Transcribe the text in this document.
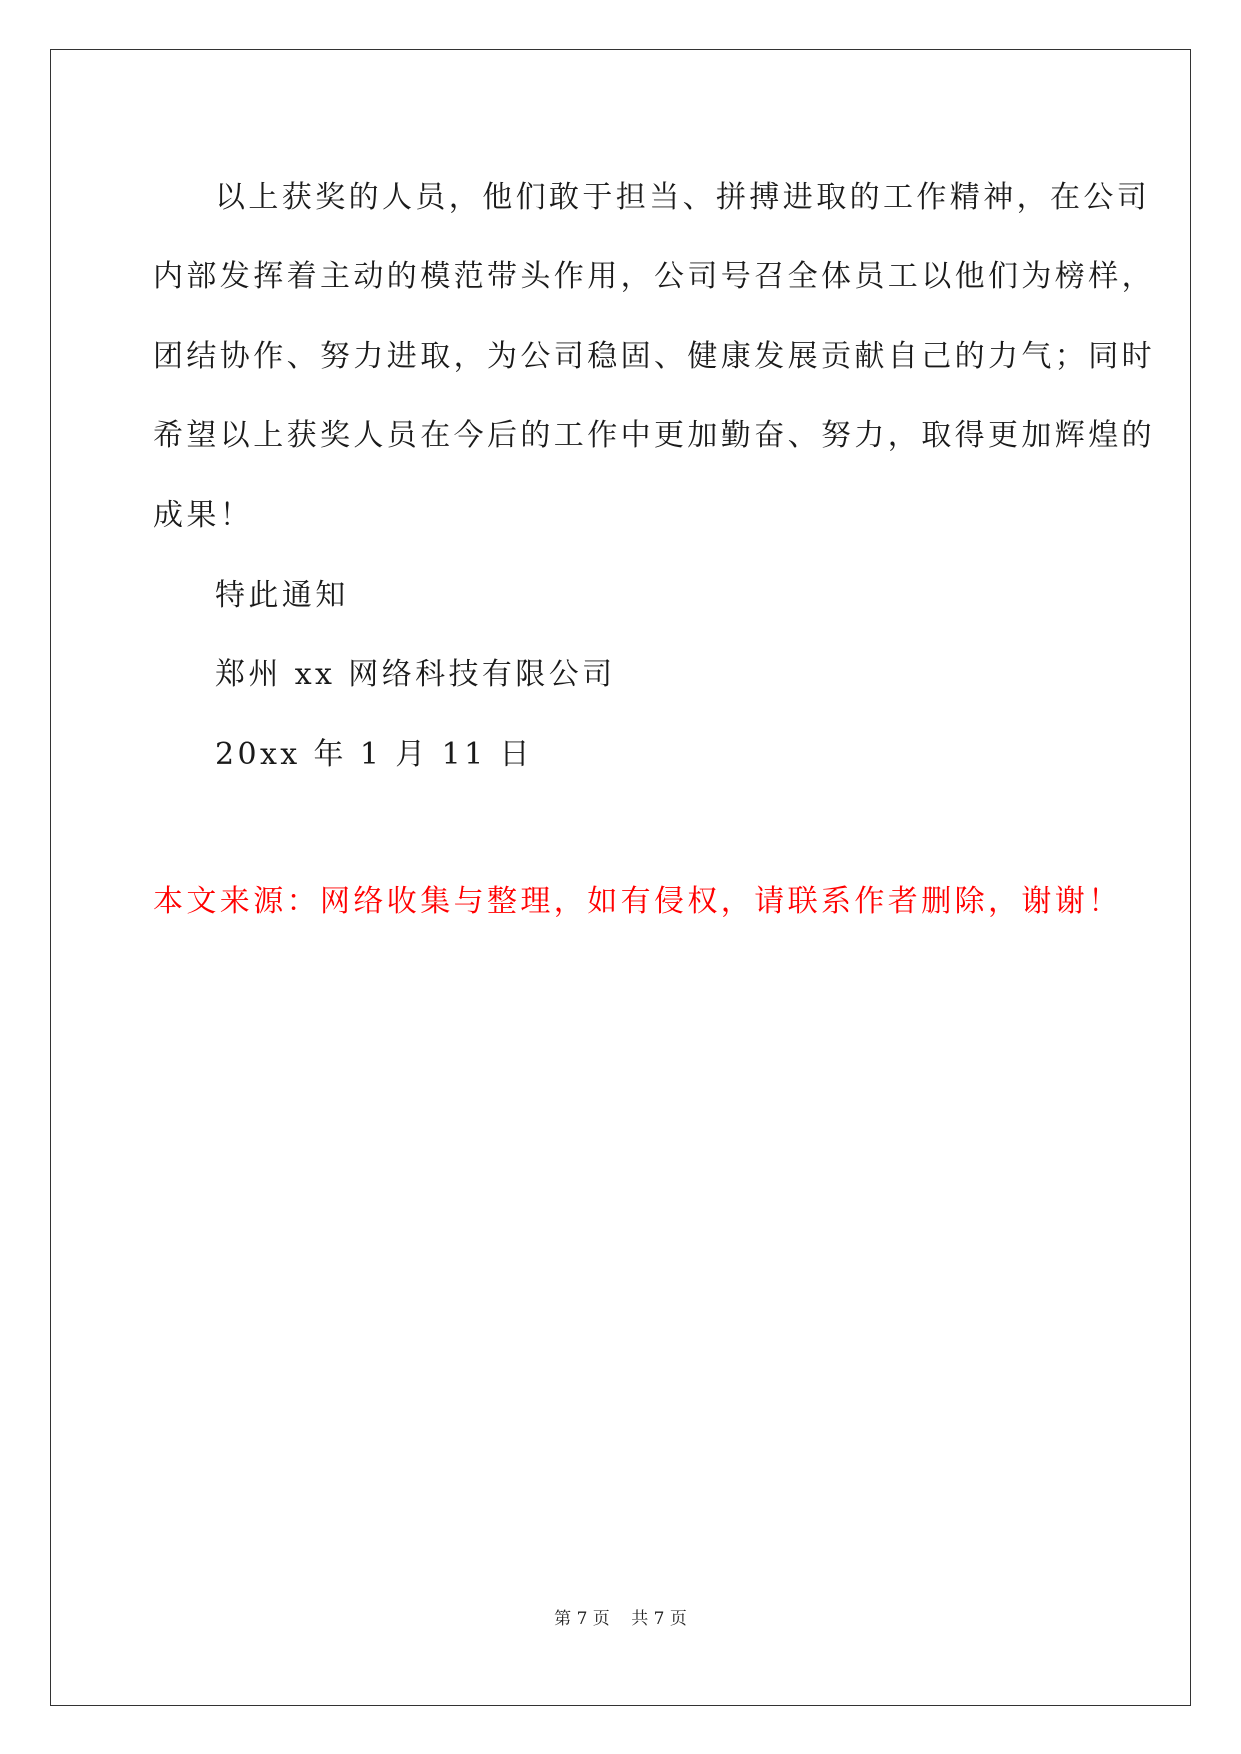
以上获奖的人员，他们敢于担当、拼搏进取的工作精神，在公司

内部发挥着主动的模范带头作用，公司号召全体员工以他们为榜样，

团结协作、努力进取，为公司稳固、健康发展贡献自己的力气；同时

希望以上获奖人员在今后的工作中更加勤奋、努力，取得更加辉煌的

成果！

特此通知

郑州 xx 网络科技有限公司

20xx 年 1 月 11 日

本文来源：网络收集与整理，如有侵权，请联系作者删除，谢谢！

第 7 页 共 7 页
